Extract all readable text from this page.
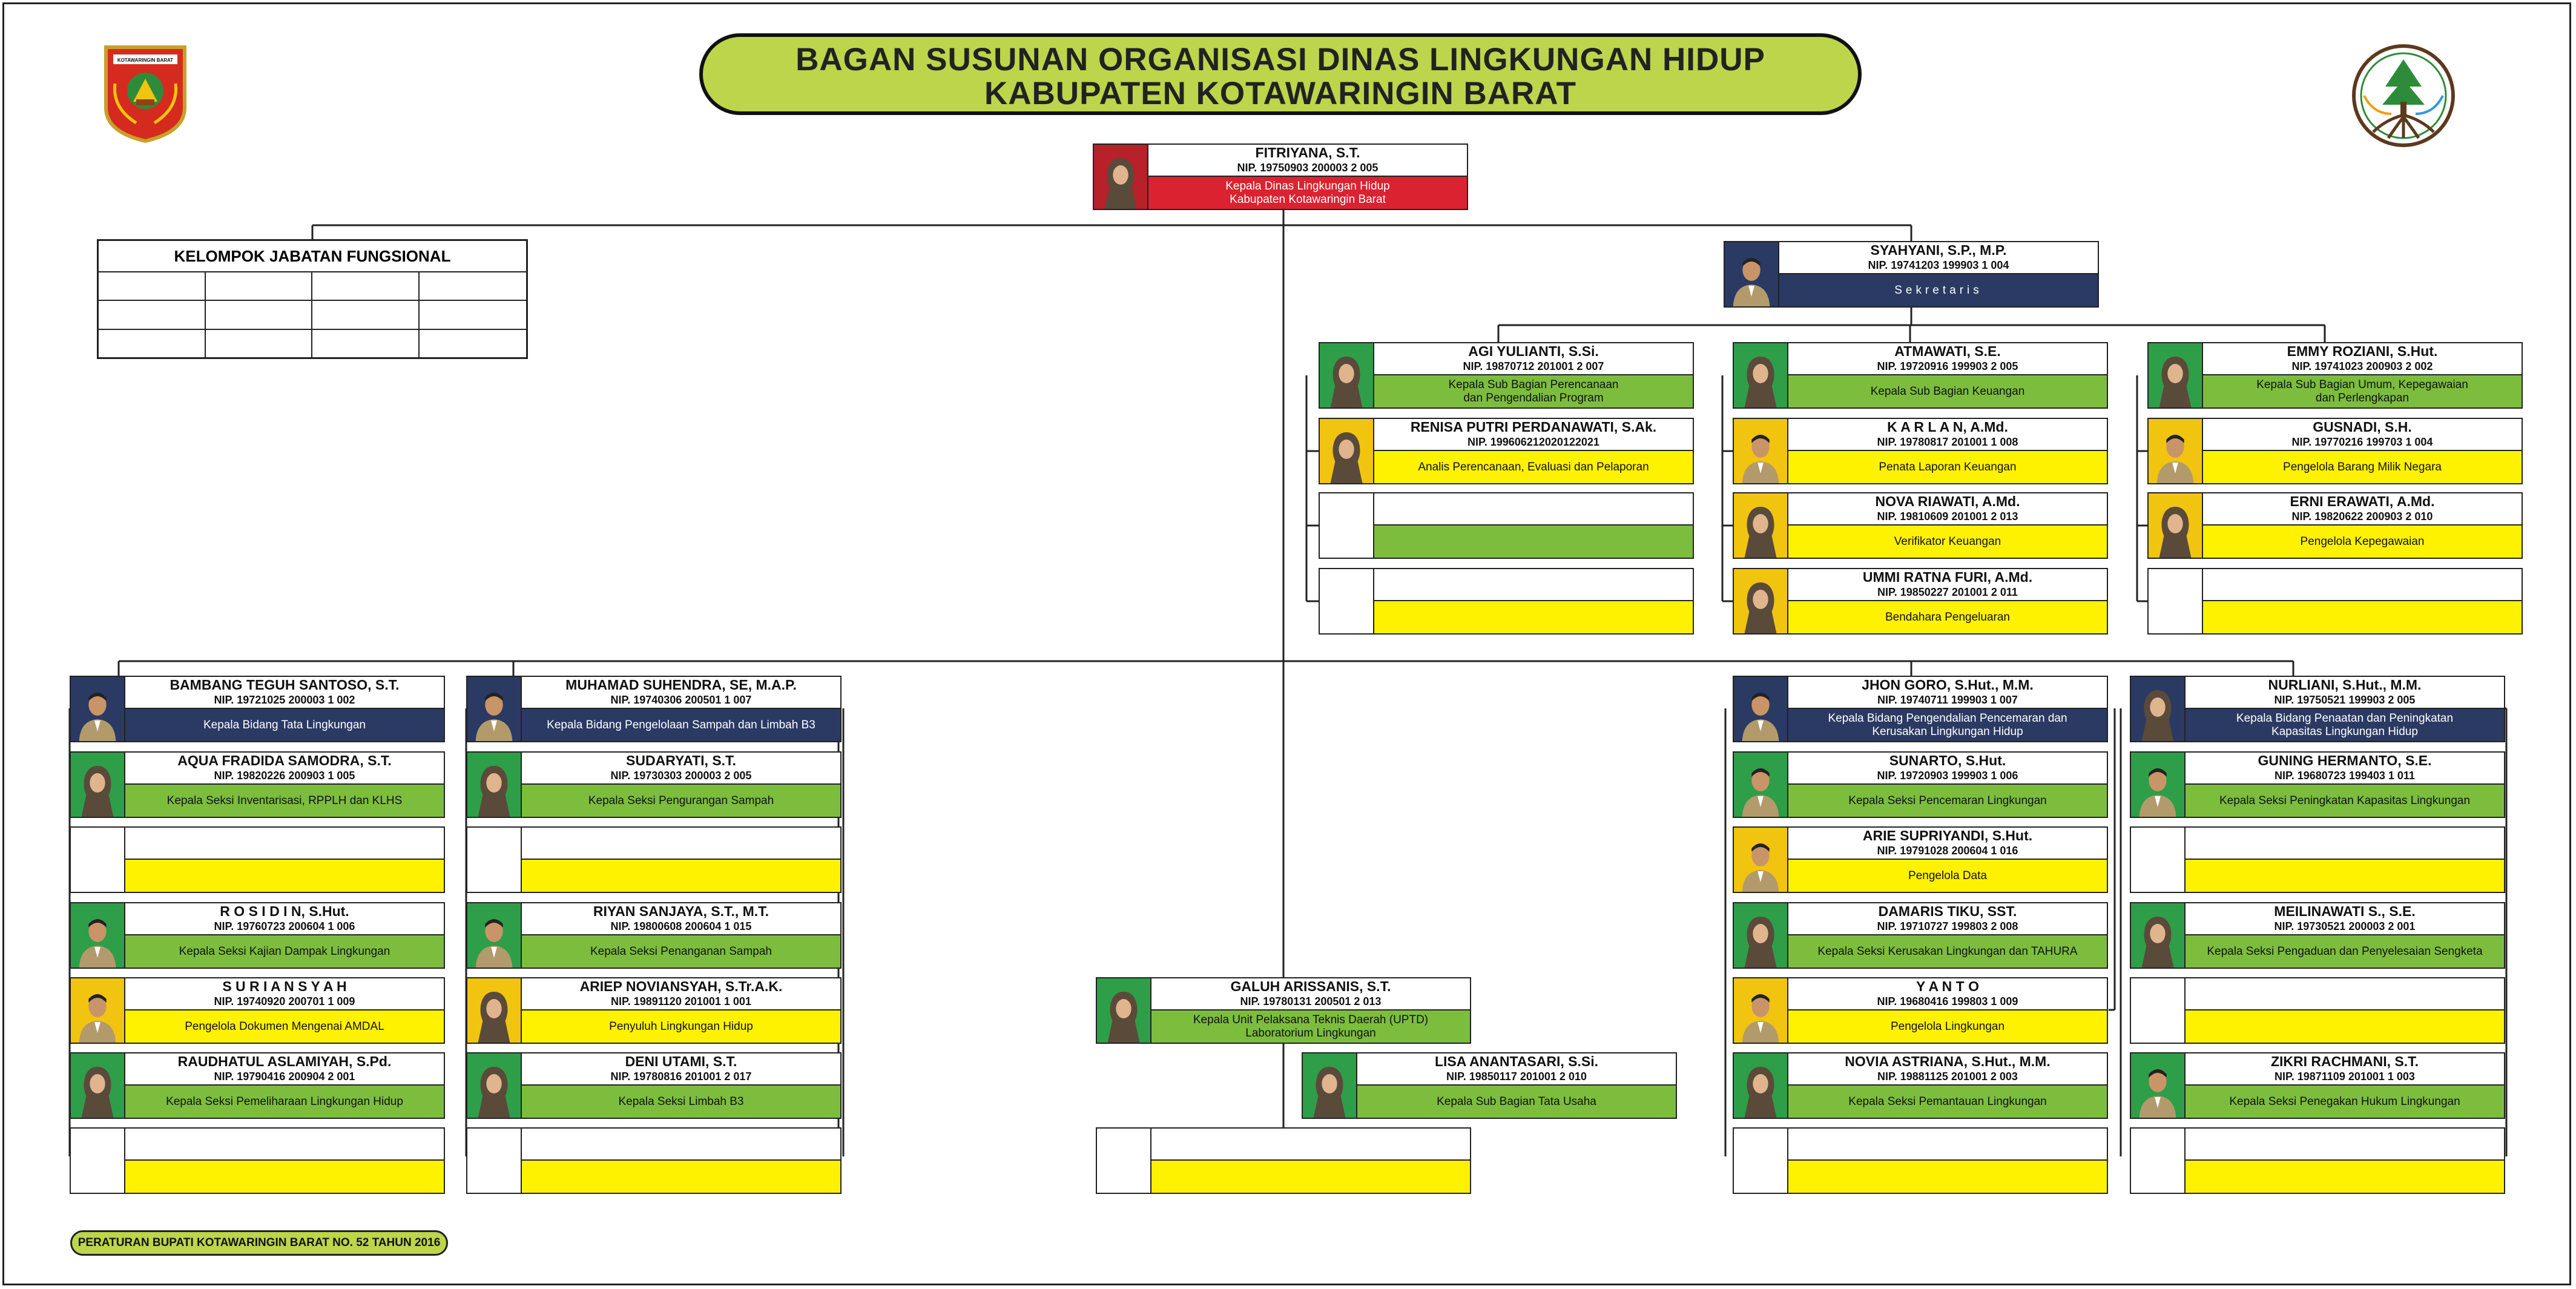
BAGAN SUSUNAN ORGANISASI DINAS LINGKUNGAN HIDUP
KABUPATEN KOTAWARINGIN BARAT
KOTAWARINGIN BARAT
KELOMPOK JABATAN FUNGSIONAL
FITRIYANA, S.T.
NIP. 19750903 200003 2 005
Kepala Dinas Lingkungan Hidup
Kabupaten Kotawaringin Barat
SYAHYANI, S.P., M.P.
NIP. 19741203 199903 1 004
Sekretaris
AGI YULIANTI, S.Si.
NIP. 19870712 201001 2 007
Kepala Sub Bagian Perencanaan
dan Pengendalian Program
RENISA PUTRI PERDANAWATI, S.Ak.
NIP. 199606212020122021
Analis Perencanaan, Evaluasi dan Pelaporan
ATMAWATI, S.E.
NIP. 19720916 199903 2 005
Kepala Sub Bagian Keuangan
K A R L A N, A.Md.
NIP. 19780817 201001 1 008
Penata Laporan Keuangan
NOVA RIAWATI, A.Md.
NIP. 19810609 201001 2 013
Verifikator Keuangan
UMMI RATNA FURI, A.Md.
NIP. 19850227 201001 2 011
Bendahara Pengeluaran
EMMY ROZIANI, S.Hut.
NIP. 19741023 200903 2 002
Kepala Sub Bagian Umum, Kepegawaian
dan Perlengkapan
GUSNADI, S.H.
NIP. 19770216 199703 1 004
Pengelola Barang Milik Negara
ERNI ERAWATI, A.Md.
NIP. 19820622 200903 2 010
Pengelola Kepegawaian
BAMBANG TEGUH SANTOSO, S.T.
NIP. 19721025 200003 1 002
Kepala Bidang Tata Lingkungan
AQUA FRADIDA SAMODRA, S.T.
NIP. 19820226 200903 1 005
Kepala Seksi Inventarisasi, RPPLH dan KLHS
R O S I D I N, S.Hut.
NIP. 19760723 200604 1 006
Kepala Seksi Kajian Dampak Lingkungan
S U R I A N S Y A H
NIP. 19740920 200701 1 009
Pengelola Dokumen Mengenai AMDAL
RAUDHATUL ASLAMIYAH, S.Pd.
NIP. 19790416 200904 2 001
Kepala Seksi Pemeliharaan Lingkungan Hidup
MUHAMAD SUHENDRA, SE, M.A.P.
NIP. 19740306 200501 1 007
Kepala Bidang Pengelolaan Sampah dan Limbah B3
SUDARYATI, S.T.
NIP. 19730303 200003 2 005
Kepala Seksi Pengurangan Sampah
RIYAN SANJAYA, S.T., M.T.
NIP. 19800608 200604 1 015
Kepala Seksi Penanganan Sampah
ARIEP NOVIANSYAH, S.Tr.A.K.
NIP. 19891120 201001 1 001
Penyuluh Lingkungan Hidup
DENI UTAMI, S.T.
NIP. 19780816 201001 2 017
Kepala Seksi Limbah B3
GALUH ARISSANIS, S.T.
NIP. 19780131 200501 2 013
Kepala Unit Pelaksana Teknis Daerah (UPTD)
Laboratorium Lingkungan
LISA ANANTASARI, S.Si.
NIP. 19850117 201001 2 010
Kepala Sub Bagian Tata Usaha
JHON GORO, S.Hut., M.M.
NIP. 19740711 199903 1 007
Kepala Bidang Pengendalian Pencemaran dan
Kerusakan Lingkungan Hidup
SUNARTO, S.Hut.
NIP. 19720903 199903 1 006
Kepala Seksi Pencemaran Lingkungan
ARIE SUPRIYANDI, S.Hut.
NIP. 19791028 200604 1 016
Pengelola Data
DAMARIS TIKU, SST.
NIP. 19710727 199803 2 008
Kepala Seksi Kerusakan Lingkungan dan TAHURA
Y A N T O
NIP. 19680416 199803 1 009
Pengelola Lingkungan
NOVIA ASTRIANA, S.Hut., M.M.
NIP. 19881125 201001 2 003
Kepala Seksi Pemantauan Lingkungan
NURLIANI, S.Hut., M.M.
NIP. 19750521 199903 2 005
Kepala Bidang Penaatan dan Peningkatan
Kapasitas Lingkungan Hidup
GUNING HERMANTO, S.E.
NIP. 19680723 199403 1 011
Kepala Seksi Peningkatan Kapasitas Lingkungan
MEILINAWATI S., S.E.
NIP. 19730521 200003 2 001
Kepala Seksi Pengaduan dan Penyelesaian Sengketa
ZIKRI RACHMANI, S.T.
NIP. 19871109 201001 1 003
Kepala Seksi Penegakan Hukum Lingkungan
PERATURAN BUPATI KOTAWARINGIN BARAT NO. 52 TAHUN 2016
